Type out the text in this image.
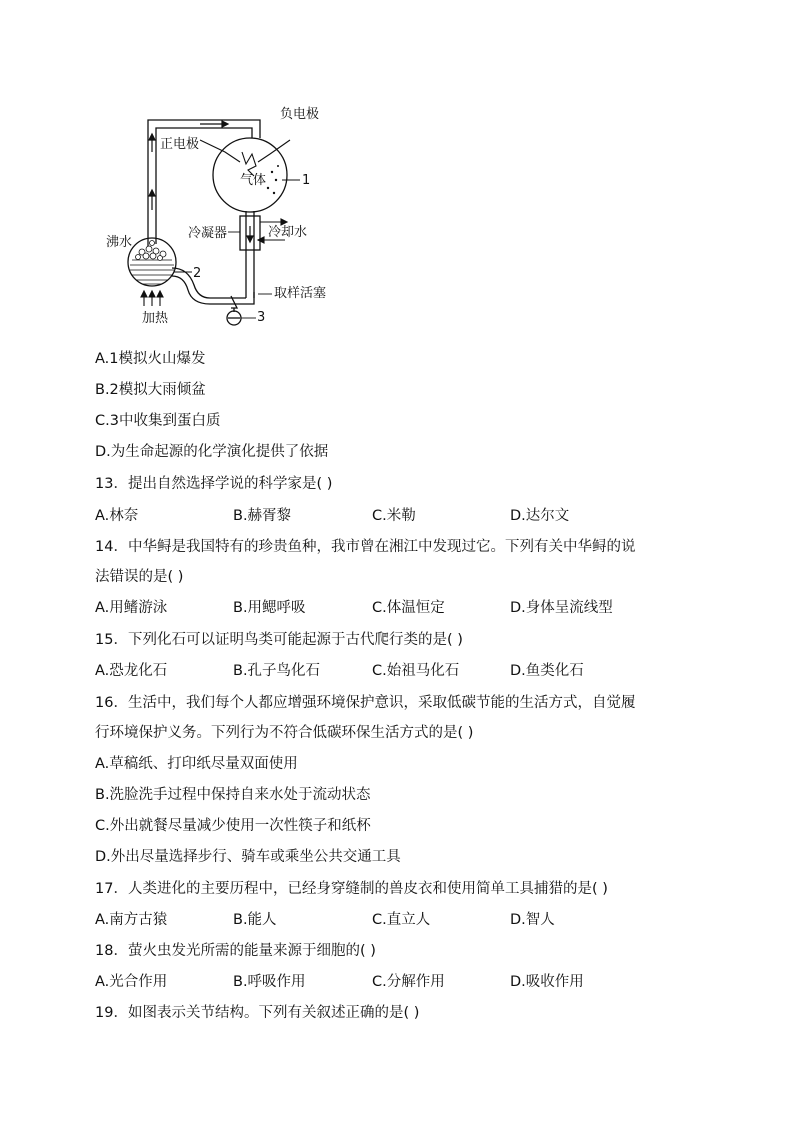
负电极
正电极
气体	1
冷凝器	冷却水
沸水
2
取样活塞
加热	3
A.1模拟火山爆发
B.2模拟大雨倾盆
C.3中收集到蛋白质
D.为生命起源的化学演化提供了依据
13．提出自然选择学说的科学家是( )
A.林奈	B.赫胥黎	C.米勒	D.达尔文
14．中华鲟是我国特有的珍贵鱼种，我市曾在湘江中发现过它。下列有关中华鲟的说
法错误的是( )
A.用鳍游泳	B.用鳃呼吸	C.体温恒定	D.身体呈流线型
15．下列化石可以证明鸟类可能起源于古代爬行类的是( )
A.恐龙化石	B.孔子鸟化石	C.始祖马化石	D.鱼类化石
16．生活中，我们每个人都应增强环境保护意识，采取低碳节能的生活方式，自觉履
行环境保护义务。下列行为不符合低碳环保生活方式的是( )
A.草稿纸、打印纸尽量双面使用
B.洗脸洗手过程中保持自来水处于流动状态
C.外出就餐尽量减少使用一次性筷子和纸杯
D.外出尽量选择步行、骑车或乘坐公共交通工具
17．人类进化的主要历程中，已经身穿缝制的兽皮衣和使用简单工具捕猎的是( )
A.南方古猿	B.能人	C.直立人	D.智人
18．萤火虫发光所需的能量来源于细胞的( )
A.光合作用	B.呼吸作用	C.分解作用	D.吸收作用
19．如图表示关节结构。下列有关叙述正确的是( )
